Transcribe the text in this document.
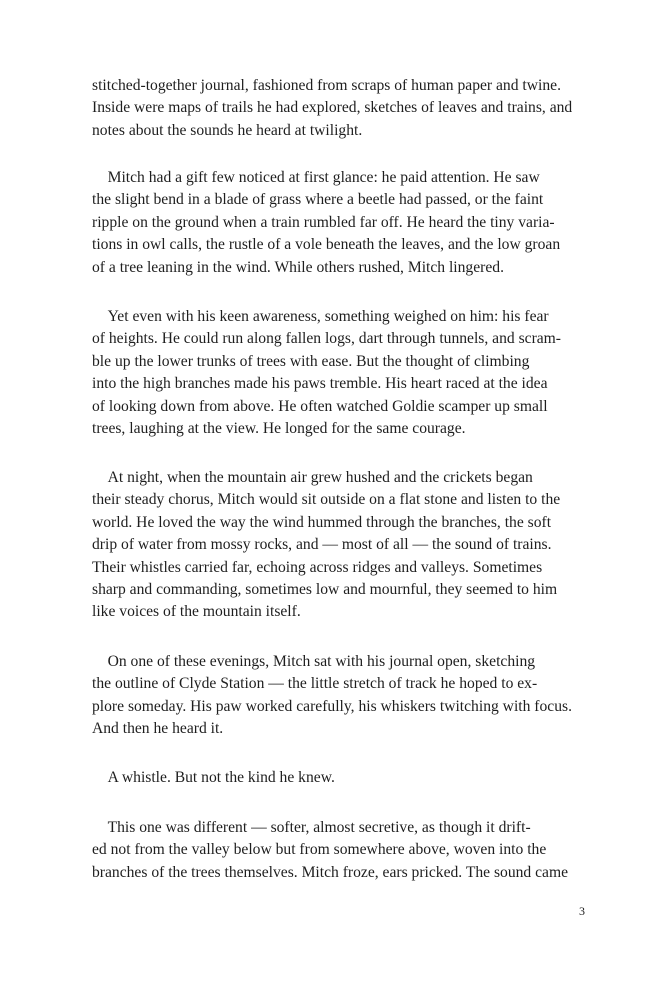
stitched-together journal, fashioned from scraps of human paper and twine.
Inside were maps of trails he had explored, sketches of leaves and trains, and
notes about the sounds he heard at twilight.
 Mitch had a gift few noticed at first glance: he paid attention. He saw
the slight bend in a blade of grass where a beetle had passed, or the faint
ripple on the ground when a train rumbled far off. He heard the tiny varia-
tions in owl calls, the rustle of a vole beneath the leaves, and the low groan
of a tree leaning in the wind. While others rushed, Mitch lingered.
 Yet even with his keen awareness, something weighed on him: his fear
of heights. He could run along fallen logs, dart through tunnels, and scram-
ble up the lower trunks of trees with ease. But the thought of climbing
into the high branches made his paws tremble. His heart raced at the idea
of looking down from above. He often watched Goldie scamper up small
trees, laughing at the view. He longed for the same courage.
 At night, when the mountain air grew hushed and the crickets began
their steady chorus, Mitch would sit outside on a flat stone and listen to the
world. He loved the way the wind hummed through the branches, the soft
drip of water from mossy rocks, and — most of all — the sound of trains.
Their whistles carried far, echoing across ridges and valleys. Sometimes
sharp and commanding, sometimes low and mournful, they seemed to him
like voices of the mountain itself.
 On one of these evenings, Mitch sat with his journal open, sketching
the outline of Clyde Station — the little stretch of track he hoped to ex-
plore someday. His paw worked carefully, his whiskers twitching with focus.
And then he heard it.
 A whistle. But not the kind he knew.
 This one was different — softer, almost secretive, as though it drift-
ed not from the valley below but from somewhere above, woven into the
branches of the trees themselves. Mitch froze, ears pricked. The sound came
3
